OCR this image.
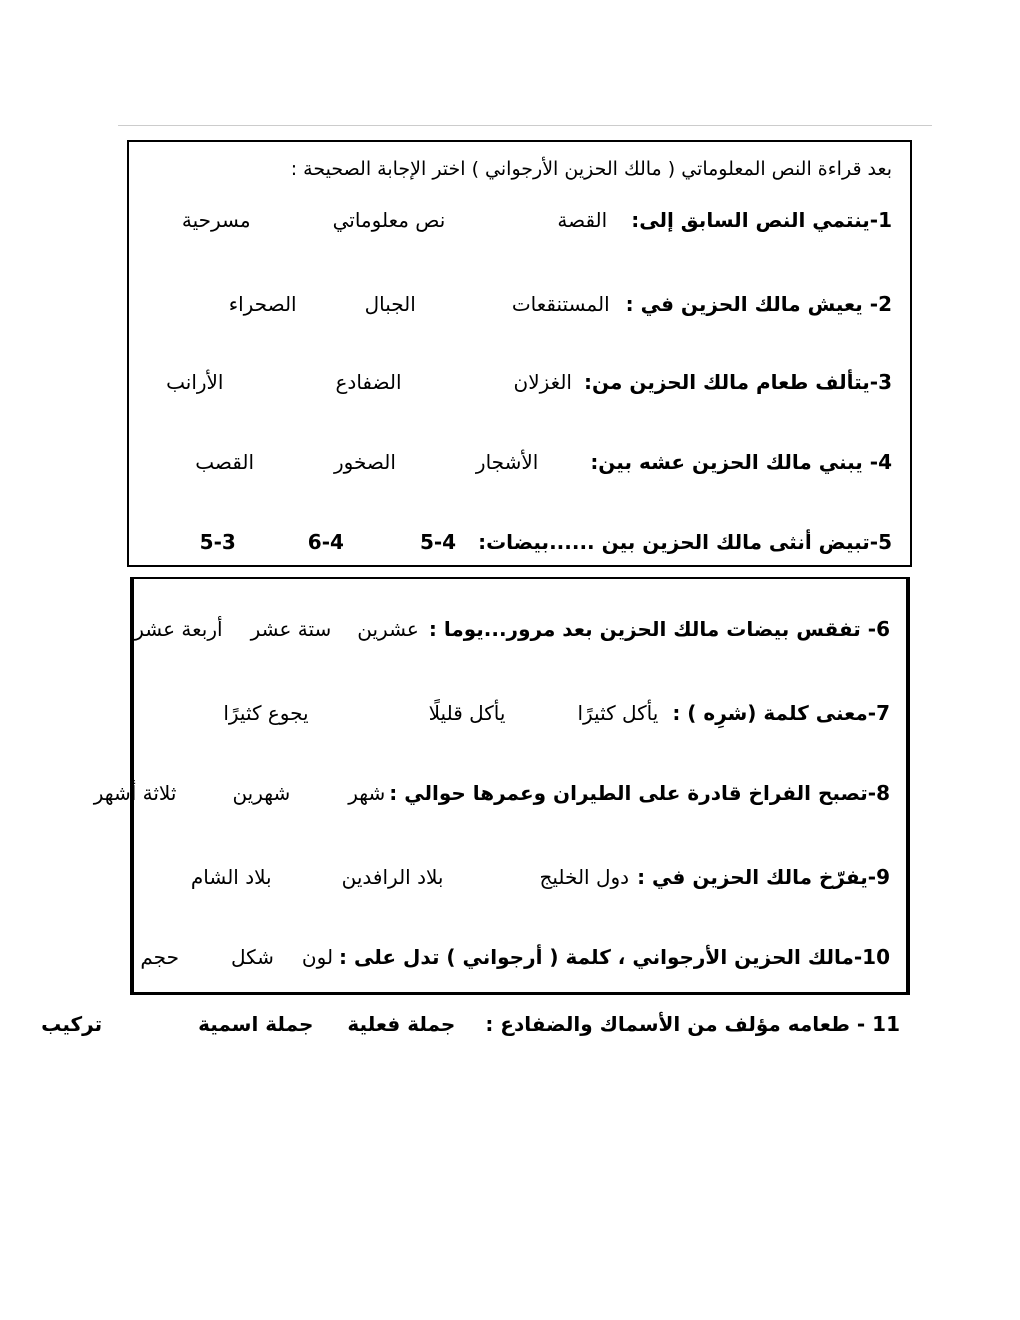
بعد قراءة النص المعلوماتي ( مالك الحزين الأرجواني ) اختر الإجابة الصحيحة :
1-ينتمي النص السابق إلى:
القصة
نص معلوماتي
مسرحية
2- يعيش مالك الحزين في :
المستنقعات
الجبال
الصحراء
3-يتألف طعام مالك الحزين من:
الغزلان
الضفادع
الأرانب
4- يبني مالك الحزين عشه بين:
الأشجار
الصخور
القصب
5-تبيض أنثى مالك الحزين بين ......بيضات:
5-4
6-4
5-3
6- تفقس بيضات مالك الحزين بعد مرور...يوما :
عشرين
ستة عشر
أربعة عشر
7-معنى كلمة (شرِه ) :
يأكل كثيرًا
يأكل قليلًا
يجوع كثيرًا
8-تصبح الفراخ قادرة على الطيران وعمرها حوالي :
شهر
شهرين
ثلاثة أشهر
9-يفرّخ مالك الحزين في :
دول الخليج
بلاد الرافدين
بلاد الشام
10-مالك الحزين الأرجواني ، كلمة ( أرجواني ) تدل على :
لون
شكل
حجم
11 - طعامه مؤلف من الأسماك والضفادع :
جملة فعلية
جملة اسمية
تركيب
